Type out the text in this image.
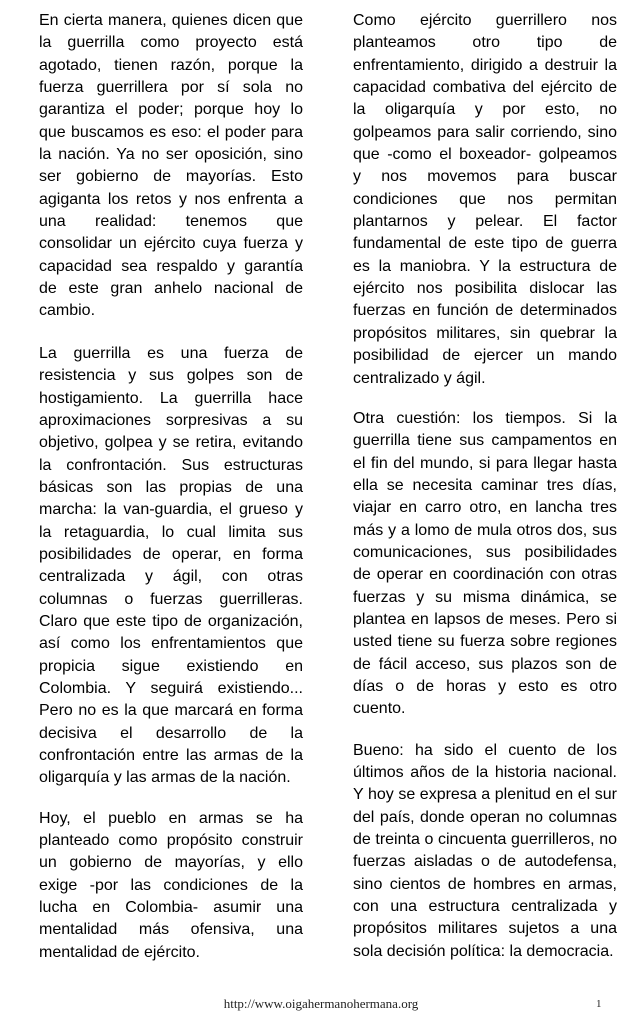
En cierta manera, quienes dicen que la guerrilla como proyecto está agotado, tienen razón, porque la fuerza guerrillera por sí sola no garantiza el poder; porque hoy lo que buscamos es eso: el poder para la nación. Ya no ser oposición, sino ser gobierno de mayorías. Esto agiganta los retos y nos enfrenta a una realidad: tenemos que consolidar un ejército cuya fuerza y capacidad sea respaldo y garantía de este gran anhelo nacional de cambio.

La guerrilla es una fuerza de resistencia y sus golpes son de hostigamiento. La guerrilla hace aproximaciones sorpresivas a su objetivo, golpea y se retira, evitando la confrontación. Sus estructuras básicas son las propias de una marcha: la van-guardia, el grueso y la retaguardia, lo cual limita sus posibilidades de operar, en forma centralizada y ágil, con otras columnas o fuerzas guerrilleras. Claro que este tipo de organización, así como los enfrentamientos que propicia sigue existiendo en Colombia. Y seguirá existiendo... Pero no es la que marcará en forma decisiva el desarrollo de la confrontación entre las armas de la oligarquía y las armas de la nación.

Hoy, el pueblo en armas se ha planteado como propósito construir un gobierno de mayorías, y ello exige -por las condiciones de la lucha en Colombia- asumir una mentalidad más ofensiva, una mentalidad de ejército.

Como ejército guerrillero nos planteamos otro tipo de enfrentamiento, dirigido a destruir la capacidad combativa del ejército de la oligarquía y por esto, no golpeamos para salir corriendo, sino que -como el boxeador- golpeamos y nos movemos para buscar condiciones que nos permitan plantarnos y pelear. El factor fundamental de este tipo de guerra es la maniobra. Y la estructura de ejército nos posibilita dislocar las fuerzas en función de determinados propósitos militares, sin quebrar la posibilidad de ejercer un mando centralizado y ágil.

Otra cuestión: los tiempos. Si la guerrilla tiene sus campamentos en el fin del mundo, si para llegar hasta ella se necesita caminar tres días, viajar en carro otro, en lancha tres más y a lomo de mula otros dos, sus comunicaciones, sus posibilidades de operar en coordinación con otras fuerzas y su misma dinámica, se plantea en lapsos de meses. Pero si usted tiene su fuerza sobre regiones de fácil acceso, sus plazos son de días o de horas y esto es otro cuento.

Bueno: ha sido el cuento de los últimos años de la historia nacional. Y hoy se expresa a plenitud en el sur del país, donde operan no columnas de treinta o cincuenta guerrilleros, no fuerzas aisladas o de autodefensa, sino cientos de hombres en armas, con una estructura centralizada y propósitos militares sujetos a una sola decisión política: la democracia.

http://www.oigahermanohermana.org	1
